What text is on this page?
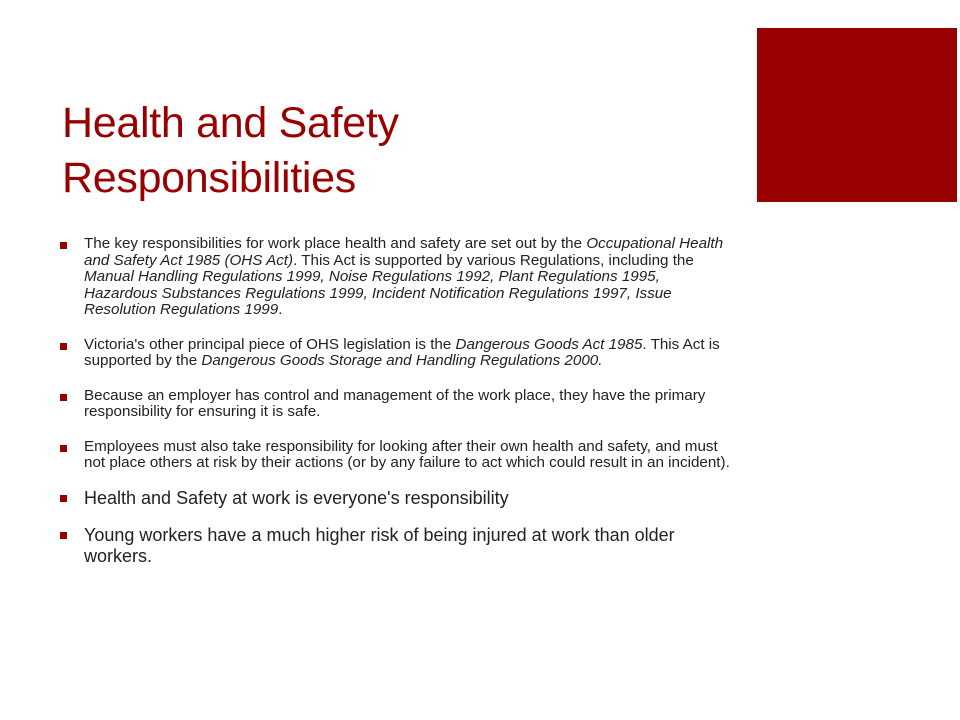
Health and Safety
Responsibilities
The key responsibilities for work place health and safety are set out by the Occupational Health and Safety Act 1985 (OHS Act). This Act is supported by various Regulations, including the Manual Handling Regulations 1999, Noise Regulations 1992, Plant Regulations 1995, Hazardous Substances Regulations 1999, Incident Notification Regulations 1997, Issue Resolution Regulations 1999.
Victoria's other principal piece of OHS legislation is the Dangerous Goods Act 1985. This Act is supported by the Dangerous Goods Storage and Handling Regulations 2000.
Because an employer has control and management of the work place, they have the primary responsibility for ensuring it is safe.
Employees must also take responsibility for looking after their own health and safety, and must not place others at risk by their actions (or by any failure to act which could result in an incident).
Health and Safety at work is everyone's responsibility
Young workers have a much higher risk of being injured at work than older workers.
